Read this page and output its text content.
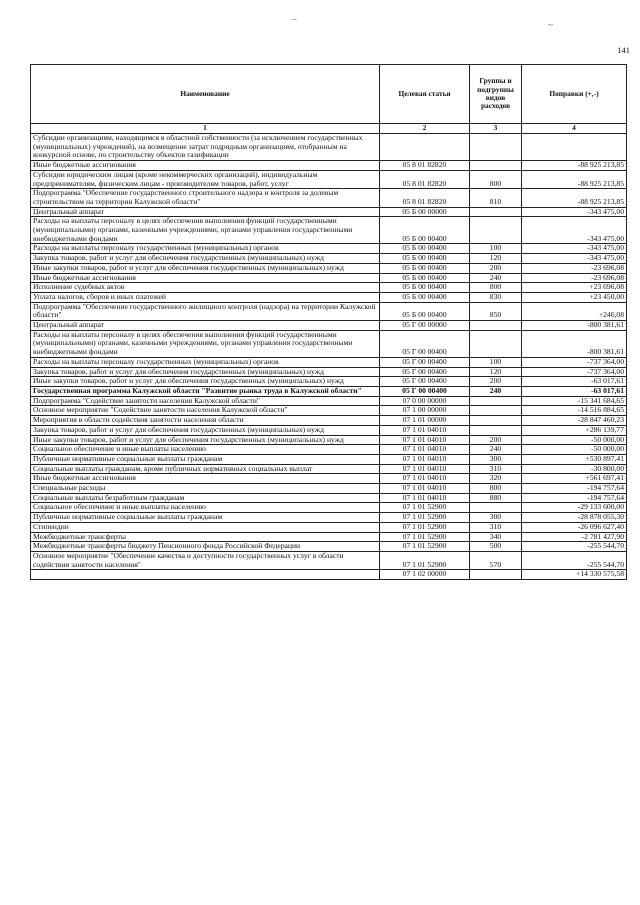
–
~
141
Наименование	Целевая статья	Группы и подгруппы видов расходов	Поправки (+,-)
1	2	3	4
Субсидии организациям, находящимся в областной собственности (за исключением государственных (муниципальных) учреждений), на возмещение затрат подрядным организациям, отобранным на конкурсной основе, по строительству объектов газификации			
Иные бюджетные ассигнования	05 8 01 82820		-88 925 213,85
Субсидии юридическим лицам (кроме некоммерческих организаций), индивидуальным предпринимателям, физическим лицам - производителям товаров, работ, услуг	05 8 01 82820	800	-88 925 213,85
Подпрограмма "Обеспечение государственного строительного надзора и контроля за долевым строительством на территории Калужской области"	05 8 01 82820	810	-88 925 213,85
Центральный аппарат	05 Б 00 00000		-343 475,00
Расходы на выплаты персоналу в целях обеспечения выполнения функций государственными (муниципальными) органами, казенными учреждениями, органами управления государственными внебюджетными фондами	05 Б 00 00400		-343 475,00
Расходы на выплаты персоналу государственных (муниципальных) органов	05 Б 00 00400	100	-343 475,00
Закупка товаров, работ и услуг для обеспечения государственных (муниципальных) нужд	05 Б 00 00400	120	-343 475,00
Иные закупки товаров, работ и услуг для обеспечения государственных (муниципальных) нужд	05 Б 00 00400	200	-23 696,08
Иные бюджетные ассигнования	05 Б 00 00400	240	-23 696,08
Исполнение судебных актов	05 Б 00 00400	800	+23 696,08
Уплата налогов, сборов и иных платежей	05 Б 00 00400	830	+23 450,00
Подпрограмма "Обеспечение государственного жилищного контроля (надзора) на территории Калужской области"	05 Б 00 00400	850	+246,08
Центральный аппарат	05 Г 00 00000		-800 381,61
Расходы на выплаты персоналу в целях обеспечения выполнения функций государственными (муниципальными) органами, казенными учреждениями, органами управления государственными внебюджетными фондами	05 Г 00 00400		-800 381,61
Расходы на выплаты персоналу государственных (муниципальных) органов	05 Г 00 00400	100	-737 364,00
Закупка товаров, работ и услуг для обеспечения государственных (муниципальных) нужд	05 Г 00 00400	120	-737 364,00
Иные закупки товаров, работ и услуг для обеспечения государственных (муниципальных) нужд	05 Г 00 00400	200	-63 017,61
Государственная программа Калужской области "Развитие рынка труда в Калужской области"	05 Г 00 00400	240	-63 017,61
Подпрограмма "Содействие занятости населения Калужской области"	07 0 00 00000		-15 341 684,65
Основное мероприятие "Содействие занятости населения Калужской области"	07 1 00 00000		-14 516 884,65
Мероприятия в области содействия занятости населения области	07 1 01 00000		-28 847 460,23
Закупка товаров, работ и услуг для обеспечения государственных (муниципальных) нужд	07 1 01 04010		+286 139,77
Иные закупки товаров, работ и услуг для обеспечения государственных (муниципальных) нужд	07 1 01 04010	200	-50 000,00
Социальное обеспечение и иные выплаты населению	07 1 01 04010	240	-50 000,00
Публичные нормативные социальные выплаты гражданам	07 1 01 04010	300	+530 897,41
Социальные выплаты гражданам, кроме публичных нормативных социальных выплат	07 1 01 04010	310	-30 800,00
Иные бюджетные ассигнования	07 1 01 04010	320	+561 697,41
Специальные расходы	07 1 01 04010	800	-194 757,64
Социальные выплаты безработным гражданам	07 1 01 04010	880	-194 757,64
Социальное обеспечение и иные выплаты населению	07 1 01 52900		-29 133 600,00
Публичные нормативные социальные выплаты гражданам	07 1 01 52900	300	-28 878 055,30
Стипендии	07 1 01 52900	310	-26 096 627,40
Межбюджетные трансферты	07 1 01 52900	340	-2 781 427,90
Межбюджетные трансферты бюджету Пенсионного фонда Российской Федерации	07 1 01 52900	500	-255 544,70
Основное мероприятие "Обеспечение качества и доступности государственных услуг в области содействия занятости населения"	07 1 01 52900	570	-255 544,70
	07 1 02 00000		+14 330 575,58
